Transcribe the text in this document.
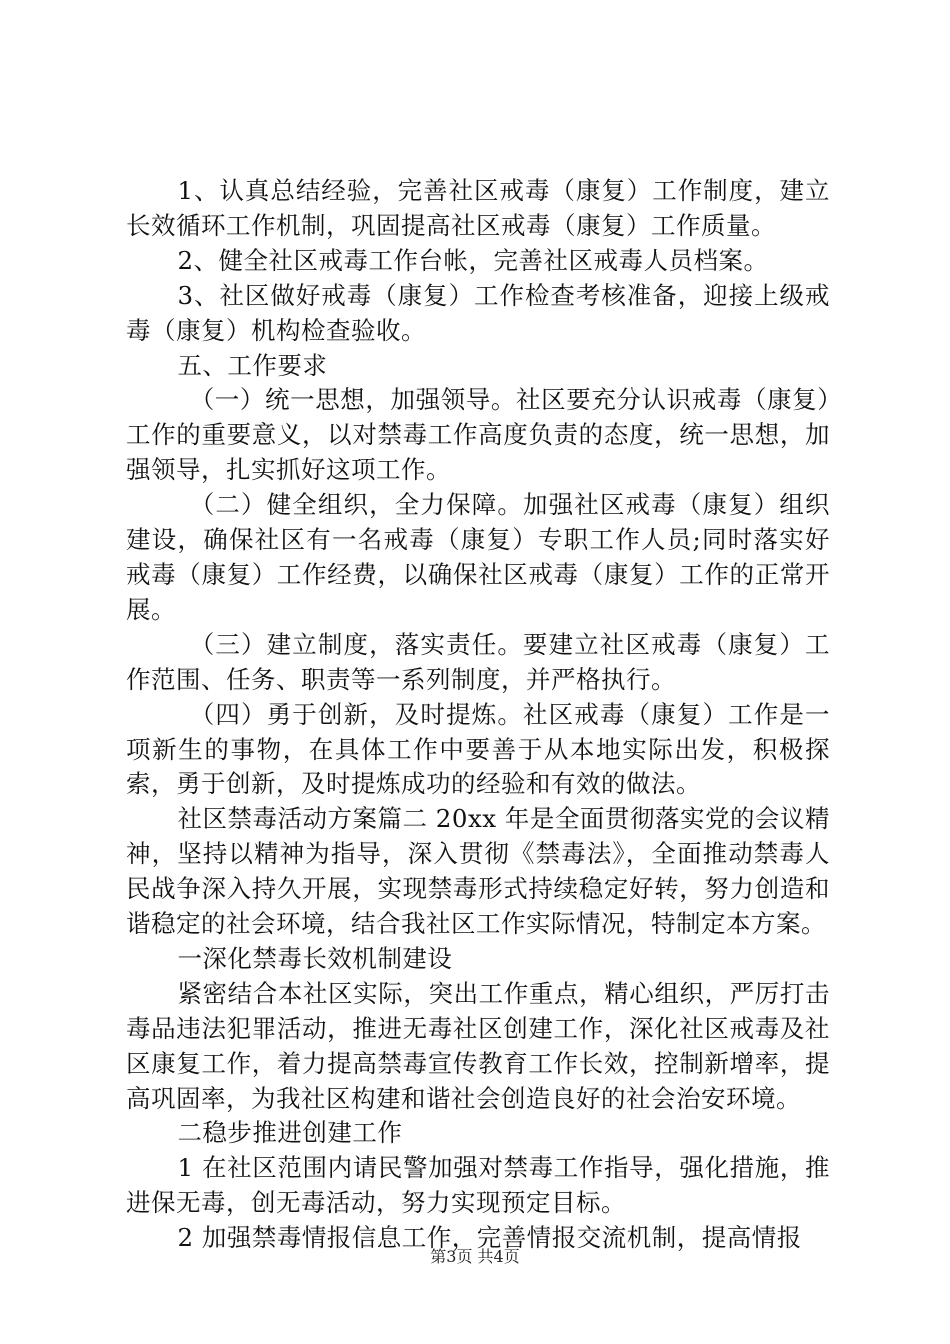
1、认真总结经验，完善社区戒毒（康复）工作制度，建立长效循环工作机制，巩固提高社区戒毒（康复）工作质量。

2、健全社区戒毒工作台帐，完善社区戒毒人员档案。

3、社区做好戒毒（康复）工作检查考核准备，迎接上级戒毒（康复）机构检查验收。

五、工作要求

（一）统一思想，加强领导。社区要充分认识戒毒（康复）工作的重要意义，以对禁毒工作高度负责的态度，统一思想，加强领导，扎实抓好这项工作。

（二）健全组织，全力保障。加强社区戒毒（康复）组织建设，确保社区有一名戒毒（康复）专职工作人员;同时落实好戒毒（康复）工作经费，以确保社区戒毒（康复）工作的正常开展。

（三）建立制度，落实责任。要建立社区戒毒（康复）工作范围、任务、职责等一系列制度，并严格执行。

（四）勇于创新，及时提炼。社区戒毒（康复）工作是一项新生的事物，在具体工作中要善于从本地实际出发，积极探索，勇于创新，及时提炼成功的经验和有效的做法。

社区禁毒活动方案篇二 20xx 年是全面贯彻落实党的会议精神，坚持以精神为指导，深入贯彻《禁毒法》，全面推动禁毒人民战争深入持久开展，实现禁毒形式持续稳定好转，努力创造和谐稳定的社会环境，结合我社区工作实际情况，特制定本方案。

一深化禁毒长效机制建设

紧密结合本社区实际，突出工作重点，精心组织，严厉打击毒品违法犯罪活动，推进无毒社区创建工作，深化社区戒毒及社区康复工作，着力提高禁毒宣传教育工作长效，控制新增率，提高巩固率，为我社区构建和谐社会创造良好的社会治安环境。

二稳步推进创建工作

1 在社区范围内请民警加强对禁毒工作指导，强化措施，推进保无毒，创无毒活动，努力实现预定目标。

2 加强禁毒情报信息工作，完善情报交流机制，提高情报

第3页 共4页
